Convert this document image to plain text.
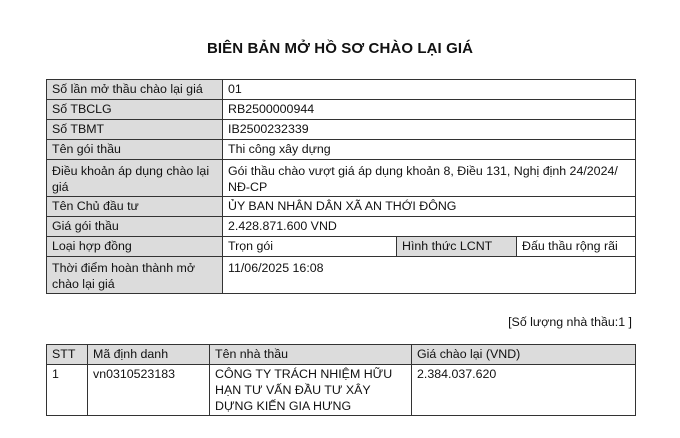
BIÊN BẢN MỞ HỒ SƠ CHÀO LẠI GIÁ
Số lần mở thầu chào lại giá	01		
Số TBCLG	RB2500000944		
Số TBMT	IB2500232339		
Tên gói thầu	Thi công xây dựng		
Điều khoản áp dụng chào lại giá	Gói thầu chào vượt giá áp dụng khoản 8, Điều 131, Nghị định 24/2024/ NĐ-CP		
Tên Chủ đầu tư	ỦY BAN NHÂN DÂN XÃ AN THỚI ĐÔNG		
Giá gói thầu	2.428.871.600 VND		
Loại hợp đồng	Trọn gói	Hình thức LCNT	Đấu thầu rộng rãi
Thời điểm hoàn thành mở chào lại giá	11/06/2025 16:08		
[Số lượng nhà thầu:1 ]
STT	Mã định danh	Tên nhà thầu	Giá chào lại (VND)
1	vn0310523183	CÔNG TY TRÁCH NHIỆM HỮU HẠN TƯ VẤN ĐẦU TƯ XÂY DỰNG KIẾN GIA HƯNG	2.384.037.620
